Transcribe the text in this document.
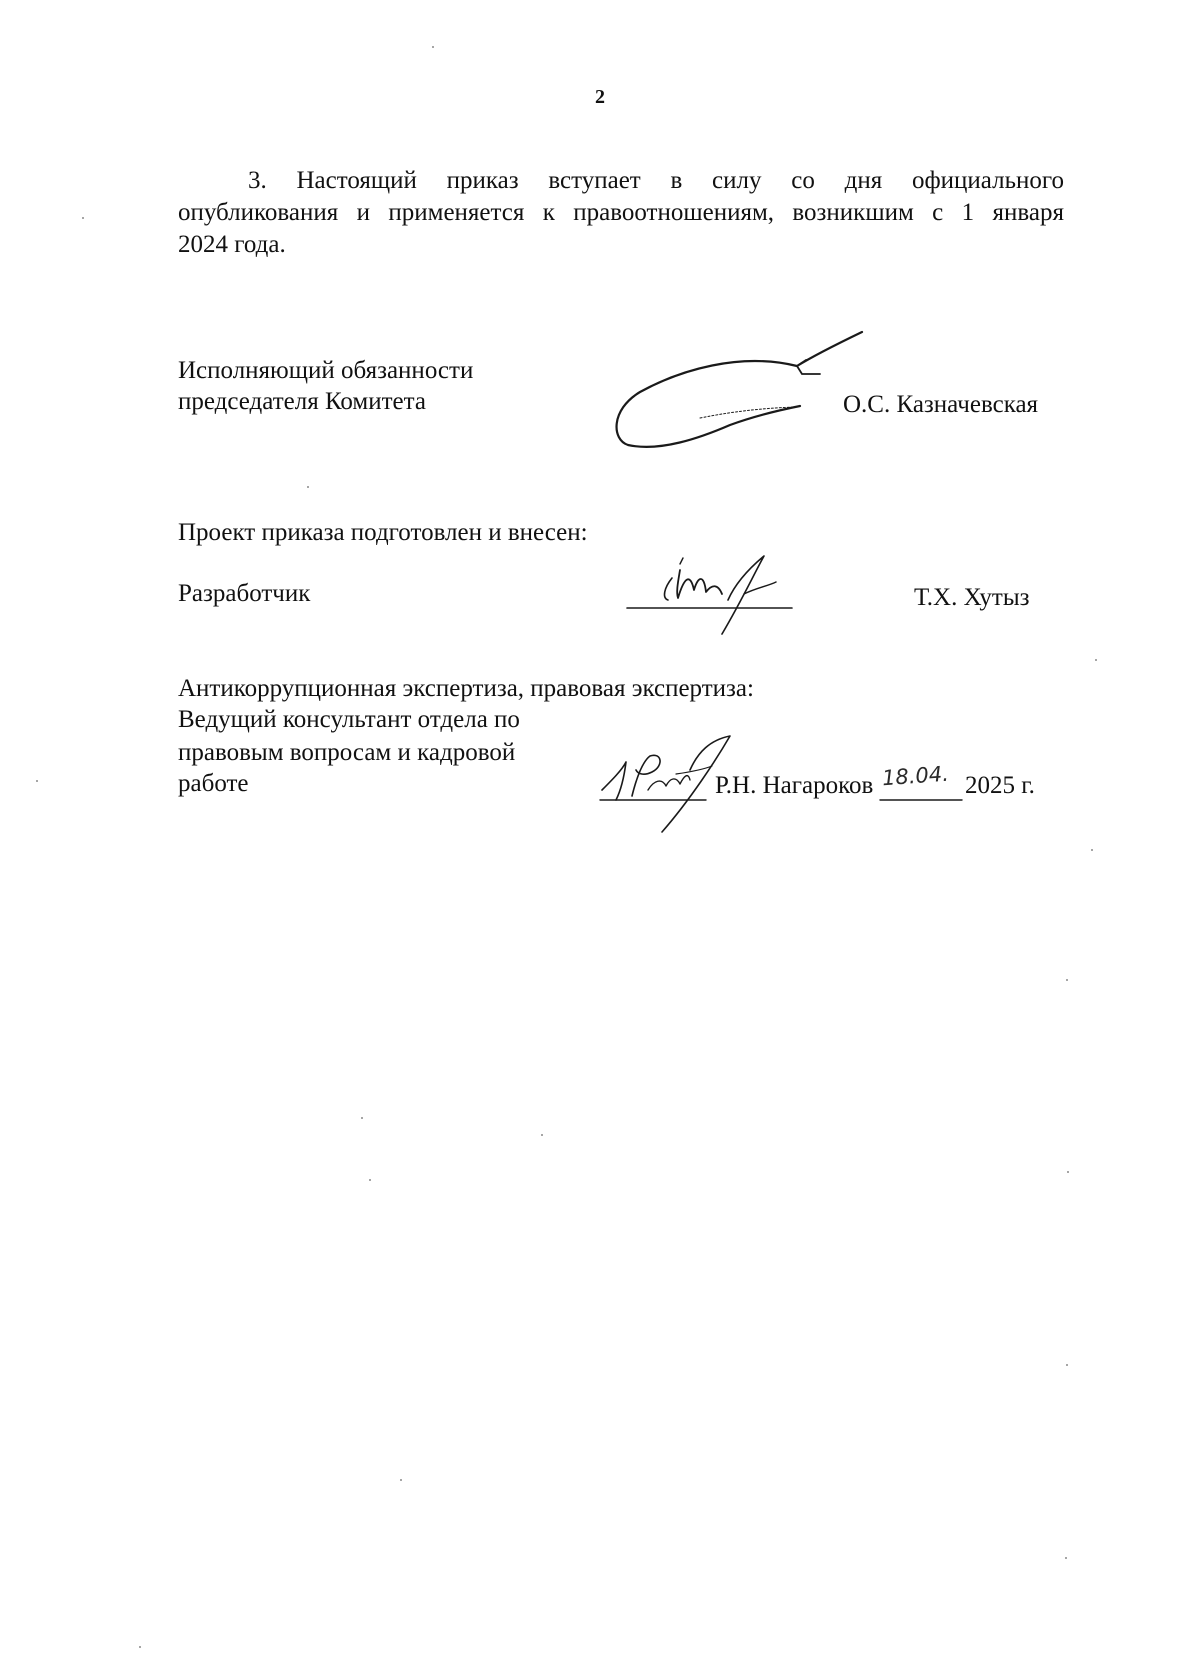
2
3. Настоящий приказ вступает в силу со дня официального
опубликования и применяется к правоотношениям, возникшим с 1 января
2024 года.
Исполняющий обязанности
председателя Комитета	О.С. Казначевская
Проект приказа подготовлен и внесен:
Разработчик	Т.Х. Хутыз
Антикоррупционная экспертиза, правовая экспертиза:
Ведущий консультант отдела по
правовым вопросам и кадровой
работе	Р.Н. Нагароков 18.04. 2025 г.
